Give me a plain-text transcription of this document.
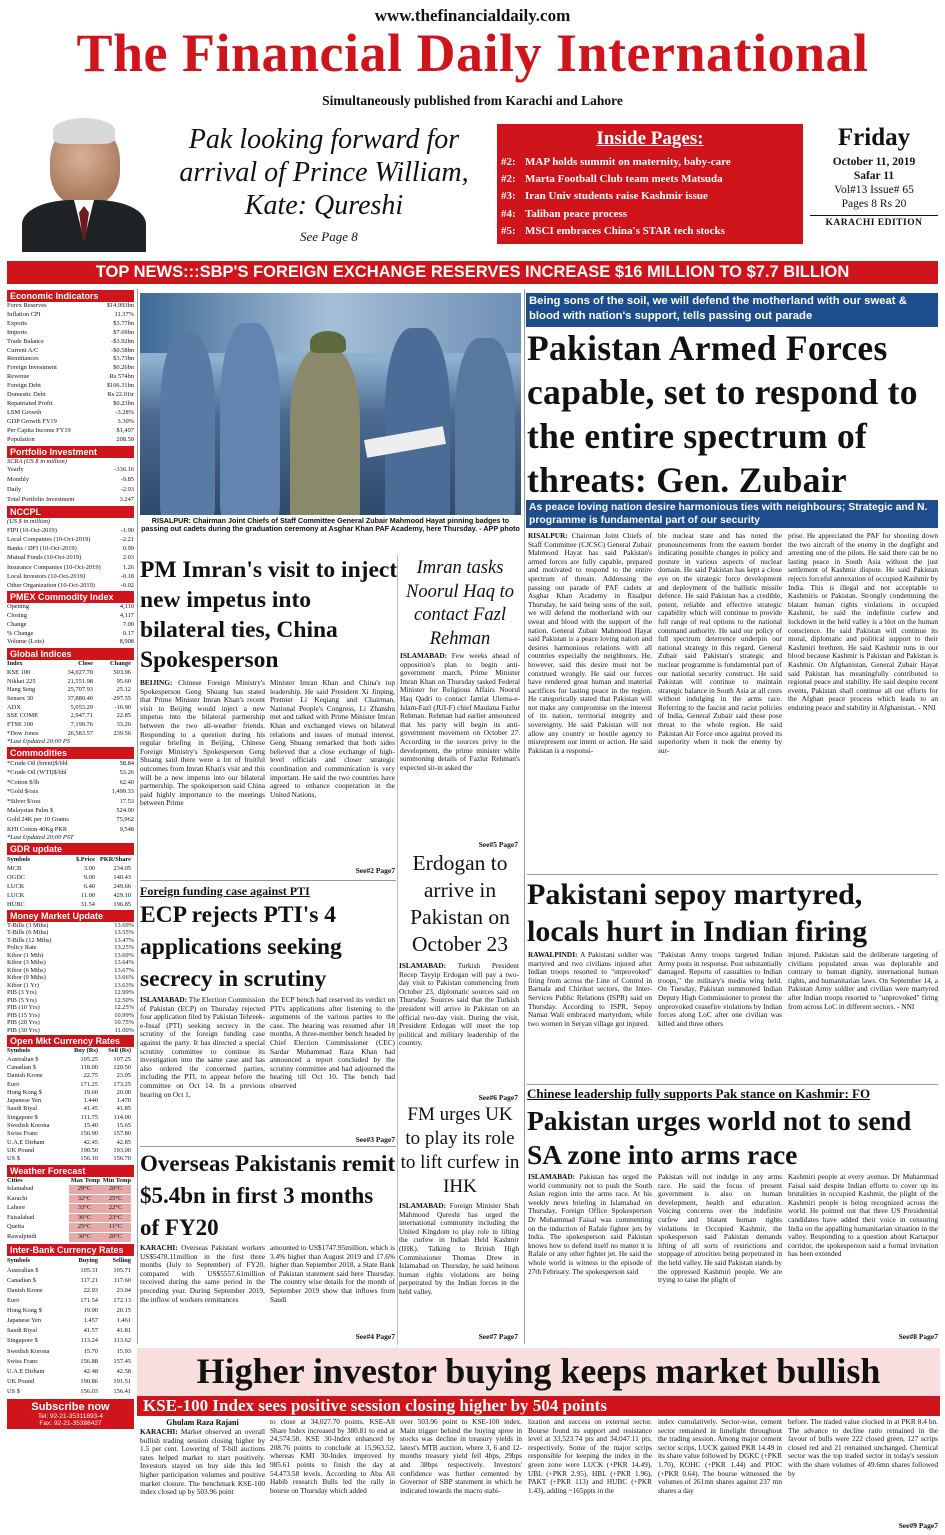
www.thefinancialdaily.com
The Financial Daily International
Simultaneously published from Karachi and Lahore
Pak looking forward for arrival of Prince William, Kate: Qureshi
See Page 8
Inside Pages:
#2: MAP holds summit on maternity, baby-care
#2: Marta Football Club team meets Matsuda
#3: Iran Univ students raise Kashmir issue
#4: Taliban peace process
#5: MSCI embraces China's STAR tech stocks
Friday
October 11, 2019
Safar 11
Vol#13 Issue# 65
Pages 8 Rs 20
KARACHI EDITION
TOP NEWS:::SBP'S FOREIGN EXCHANGE RESERVES INCREASE $16 MILLION TO $7.7 BILLION
Economic Indicators
Forex Reserves	$14.993bn
Inflation CPI	11.37%
Exports	$3.77bn
Imports	$7.69bn
Trade Balance	-$3.92bn
Current A/C	-$0.58bn
Remittances	$3.73bn
Foreign Investment	$0.26bn
Revenue	Rs 574bn
Foreign Debt	$106.31bn
Domestic Debt	Rs 22.01tr
Repatriated Profit	$0.23bn
LSM Growth	-3.28%
GDP Growth FY19	3.30%
Per Capita Income FY19	$1,497
Population	208.50
Portfolio Investment
SCRA (US $ in million)
Yearly	-336.16
Monthly	-9.85
Daily	-2.93
Total Portfolio Investment	3.247
NCCPL
(US $ in million)
FIPI (10-Oct-2019)	-1.90
Local Companies (10-Oct-2019)	-2.21
Banks / DFI (10-Oct-2019)	0.99
Mutual Funds (10-Oct-2019)	2.03
Insurance Companies (10-Oct-2019)	1.26
Local Investors (10-Oct-2019)	-0.18
Other Organization (10-Oct-2019)	-0.02
PMEX Commodity Index
Opening	4,110
Closing	4,117
Change	7.00
% Change	0.17
Volume (Lots)	8,908
Global Indices
Index	Close	Change
KSE 100	34,027.70	503.96
Nikkei 225	21,551.98	95.60
Hang Seng	25,707.93	25.12
Sensex 30	37,880.40	-297.55
ADX	5,053.29	-16.90
SSE COMP.	2,947.71	22.85
FTSE 100	7,199.76	33.26
*Dow Jones	26,583.57	239.56
*Last Updated 20:00 PS
Commodities
*Crude Oil (brent)$/bbl	58.84
*Crude Oil (WTI)$/bbl	53.26
*Cotton $/lb	62.40
*Gold $/ozs	1,499.33
*Silver $/ozs	17.53
Malaysian Palm $	524.00
Gold 24K per 10 Grams	75,962
KHI Cotton 40Kg PKR	9,548
*Last Updated 20:00 PST
GDR update
Symbols	$.Price PKR/Share
MCB	3.00	234.05
OGDC	9.00	140.43
LUCK	6.40	249.66
LUCK	11.00	429.10
HUBC	31.54	196.85
Money Market Update
T-Bills (3 Mths)	13.69%
T-Bills (6 Mths)	13.55%
T-Bills (12 Mths)	13.47%
Policy Rate	13.25%
Kibor (1 Mth)	13.69%
Kibor (3 Mths)	13.64%
Kibor (6 Mths)	13.67%
Kibor (9 Mths)	13.66%
Kibor (1 Yr)	13.63%
PIB (3 Yrs)	12.99%
PIB (5 Yrs)	12.50%
PIB (10 Yrs)	12.25%
PIB (15 Yrs)	10.99%
PIB (20 Yrs)	10.75%
PIB (30 Yrs)	11.00%
Open Mkt Currency Rates
Symbols	Buy (Rs)	Sell (Rs)
Australian $	105.25	107.25
Canadian $	118.00	120.50
Danish Krone	22.75	23.05
Euro	171.25	173.25
Hong Kong $	19.60	20.00
Japanese Yen	1.440	1.470
Saudi Riyal	41.45	41.85
Singapore $	111.75	114.00
Swedish Korona	15.40	15.65
Swiss Franc	156.90	157.80
U.A.E Dirham	42.45	42.85
UK Pound	190.50	193.00
US $	156.10	156.70
Weather Forecast
Cities	Max Temp Min Temp
Islamabad	29°C	20°C
Karachi	32°C	25°C
Lahore	33°C	22°C
Faisalabad	36°C	23°C
Quetta	25°C	11°C
Rawalpindi	30°C	20°C
Inter-Bank Currency Rates
Symbols	Buying	Selling
Australian $	105.31	105.71
Canadian $	117.21	117.60
Danish Krone	22.93	23.04
Euro	171.54	172.13
Hong Kong $	19.90	20.15
Japanese Yen	1.457	1.461
Saudi Riyal	41.57	41.81
Singapore $	113.24	113.62
Swedish Korona	15.70	15.93
Swiss Franc	156.88	157.45
U.A.E Dirham	42.48	42.58
UK Pound	190.86	191.51
US $	156.03	156.41
Subscribe now
Tel: 92-21-35311893-4
Fax: 92-21-35388427
RISALPUR: Chairman Joint Chiefs of Staff Committee General Zubair Mahmood Hayat pinning badges to passing out cadets during the graduation ceremony at Asghar Khan PAF Academy, here Thursday. - APP photo
Being sons of the soil, we will defend the motherland with our sweat & blood with nation's support, tells passing out parade
Pakistan Armed Forces capable, set to respond to the entire spectrum of threats: Gen. Zubair
As peace loving nation desire harmonious ties with neighbours; Strategic and N. programme is fundamental part of our security
RISALPUR: Chairman Joint Chiefs of Staff Committee (CJCSC) General Zubair Mahmood Hayat has said Pakistan's armed forces are fully capable, prepared and motivated to respond to the entire spectrum of threats. Addressing the passing out parade of PAF cadets at Asghar Khan Academy in Risalpur Thursday, he said being sons of the soil, we will defend the motherland with our sweat and blood with the support of the nation. General Zubair Mahmood Hayat said Pakistan is a peace loving nation and desires harmonious relations with all countries especially the neighbours. He, however, said this desire must not be construed wrongly. He said our forces have rendered great human and material sacrifices for lasting peace in the region. He categorically stated that Pakistan will not make any compromise on the interest of its nation, territorial integrity and sovereignty. He said Pakistan will not allow any country or hostile agency to misrepresent our intent or action. He said Pakistan is a responsi-
ble nuclear state and has noted the pronouncements from the eastern border indicating possible changes in policy and posture in various aspects of nuclear domain. He said Pakistan has kept a close eye on the strategic force development and deployment of the ballistic missile defence. He said Pakistan has a credible, potent, reliable and effective strategic capability which will continue to provide full range of real options to the national command authority. He said our policy of full spectrum deterrence underpin our national strategy in this regard. General Zubair said Pakistan's strategic and nuclear programme is fundamental part of our national security construct. He said Pakistan will continue to maintain strategic balance in South Asia at all costs without indulging in the arms race. Referring to the fascist and racist policies of India, General Zubair said these pose threat to the whole region. He said Pakistan Air Force once against proved its superiority when it took the enemy by sur-
prise. He appreciated the PAF for shooting down the two aircraft of the enemy in the dogfight and arresting one of the pilots. He said there can be no lasting peace in South Asia without the just settlement of Kashmir dispute. He said Pakistan rejects forceful annexation of occupied Kashmir by India. This is illegal and not acceptable to Kashmiris or Pakistan. Strongly condemning the blatant human rights violations in occupied Kashmir, he said the indefinite curfew and lockdown in the held valley is a blot on the human conscience. He said Pakistan will continue its moral, diplomatic and political support to their Kashmiri brethren. He said Kashmir runs in our blood because Kashmir is Pakistan and Pakistan is Kashmir. On Afghanistan, General Zubair Hayat said Pakistan has meaningfully contributed to regional peace and stability. He said despite recent events, Pakistan shall continue all out efforts for the Afghan peace process which leads to an enduring peace and stability in Afghanistan. - NNI
PM Imran's visit to inject new impetus into bilateral ties, China Spokesperson
BEIJING: Chinese Foreign Ministry's Spokesperson Geng Shuang has stated that Prime Minister Imran Khan's recent visit to Beijing would inject a new impetus into the bilateral partnership between the two all-weather friends. Responding to a question during his regular briefing in Beijing, Chinese Foreign Ministry's Spokesperson Geng Shuang said there were a lot of fruitful outcomes from Imran Khan's visit and this will be a new impetus into our bilateral partnership. The spokesperson said China paid highly importance to the meetings between Prime
Minister Imran Khan and China's top leadership. He said President Xi Jinping, Premier Li Keqiang and Chairman, National People's Congress, Li Zhanshu met and talked with Prime Minister Imran Khan and exchanged views on bilateral relations and issues of mutual interest. Geng Shuang remarked that both sides believed that a close exchange of high-level officials and closer strategic coordination and communication is very important. He said the two countries have agreed to enhance cooperation in the United Nations,
See#2 Page7
Imran tasks Noorul Haq to contact Fazl Rehman
ISLAMABAD: Few weeks ahead of opposition's plan to begin anti-government march, Prime Minister Imran Khan on Thursday tasked Federal Minister for Religious Affairs Noorul Haq Qadri to contact Jamiat Ulema-e-Islam-Fazl (JUI-F) chief Maulana Fazlur Rehman. Rehman had earlier announced that his party will begin its anti-government movement on October 27. According to the sources privy to the development, the prime minister while summoning details of Fazlur Rehman's expected sit-in asked the
See#5 Page7
Erdogan to arrive in Pakistan on October 23
ISLAMABAD: Turkish President Recep Tayyip Erdogan will pay a two-day visit to Pakistan commencing from October 23, diplomatic sources said on Thursday. Sources said that the Turkish president will arrive in Pakistan on an official two-day visit. During the visit, President Erdogan will meet the top political and military leadership of the country.
See#6 Page7
FM urges UK to play its role to lift curfew in IHK
ISLAMABAD: Foreign Minister Shah Mahmood Qureshi has urged the international community including the United Kingdom to play role in lifting the curfew in Indian Held Kashmir (IHK). Talking to British High Commissioner Thomas Drew in Islamabad on Thursday, he said heinous human rights violations are being perpetrated by the Indian forces in the held valley.
See#7 Page7
Foreign funding case against PTI
ECP rejects PTI's 4 applications seeking secrecy in scrutiny
ISLAMABAD: The Election Commission of Pakistan (ECP) on Thursday rejected four application filed by Pakistan Tehreek-e-Insaf (PTI) seeking secrecy in the scrutiny of the foreign funding case against the party. It has directed a special scrutiny committee to continue its investigation into the same case and has also ordered the concerned parties, including the PTI, to appear before the committee on Oct 14. In a previous hearing on Oct 1,
the ECP bench had reserved its verdict on PTI's applications after listening to the arguments of the various parties to the case. The hearing was resumed after 18 months. A three-member bench headed by Chief Election Commissioner (CEC) Sardar Muhammad Raza Khan had announced a report concluded by the scrutiny committee and had adjourned the hearing till Oct 10. The bench had observed
See#3 Page7
Overseas Pakistanis remit $5.4bn in first 3 months of FY20
KARACHI: Overseas Pakistani workers US$5478.11million in the first three months (July to September) of FY20, compared with US$5557.61million received during the same period in the preceding year. During September 2019, the inflow of workers remittances
amounted to US$1747.95million, which is 3.4% higher than August 2019 and 17.6% higher than September 2018, a State Bank of Pakistan statement said here Thursday. The country wise details for the month of September 2019 show that inflows from Saudi
See#4 Page7
Pakistani sepoy martyred, locals hurt in Indian firing
RAWALPINDI: A Pakistani soldier was martyred and two civilians injured after Indian troops resorted to "unprovoked" firing from across the Line of Control in Barnala and Chirikot sectors, the Inter-Services Public Relations (ISPR) said on Thursday. According to ISPR, Sepoy Namat Wali embraced martyrdom, while two women in Seryan village got injured.
"Pakistan Army troops targeted Indian Army posts in response. Post substantially damaged. Reports of casualties to Indian troops," the military's media wing held. On Tuesday, Pakistan summoned Indian Deputy High Commissioner to protest the unprovoked ceasefire violations by Indian forces along LoC after one civilian was killed and three others
injured. Pakistan said the deliberate targeting of civilians populated areas was deplorable and contrary to human dignity, international human rights, and humanitarian laws. On September 14, a Pakistan Army soldier and civilian were martyred after Indian troops resorted to "unprovoked" firing from across LoC in different sectors. - NNI
Chinese leadership fully supports Pak stance on Kashmir: FO
Pakistan urges world not to send SA zone into arms race
ISLAMABAD: Pakistan has urged the world community not to push the South Asian region into the arms race. At his weekly news briefing in Islamabad on Thursday, Foreign Office Spokesperson Dr Muhammad Faisal was commenting on the induction of Rafale fighter jets by India. The spokesperson said Pakistan knows how to defend itself no matter it is Rafale or any other fighter jet. He said the whole world is witness to the episode of 27th February. The spokesperson said
Pakistan will not indulge in any arms race. He said the focus of present government is also on human development, health and education. Voicing concerns over the indefinite curfew and blatant human rights violations in Occupied Kashmir, the spokesperson said Pakistan demands lifting of all sorts of restrictions and stoppage of atrocities being perpetrated in the held valley. He said Pakistan stands by the oppressed Kashmiri people. We are trying to raise the plight of
Kashmiri people at every avenue. Dr Muhammad Faisal said despite Indian efforts to cover up its brutalities in occupied Kashmir, the plight of the Kashmiri people is being recognized across the world. He pointed out that three US Presidential candidates have added their voice in censuring India on the appalling humanitarian situation in the valley. Responding to a question about Kartarpur corridor, the spokesperson said a formal invitation has been extended
See#8 Page7
Higher investor buying keeps market bullish
KSE-100 Index sees positive session closing higher by 504 points
Ghulam Raza Rajani
KARACHI: Market observed an overall bullish trading session closing higher by 1.5 per cent. Lowering of T-bill auctions rates helped market to start positively. Investors stayed on buy side this led higher participation volumes and positive market closure. The benchmark KSE-100 index closed up by 503.96 point
to close at 34,027.70 points. KSE-All Share Index increased by 380.81 to end at 24,574.58. KSE 30-Index enhanced by 208.76 points to conclude at 15,963.52, whereas KMI 30-Index improved by 985.61 points to finish the day at 54,473.58 levels. According to Aba Ali Habib research Bulls led the rally in bourse on Thursday which added
over 503.96 point to KSE-100 index. Main trigger behind the buying spree in stocks was decline in treasury yields in latest's MTB auction, where 3, 6 and 12-months treasury yield fell 4bps, 29bps and 38bps respectively. Investors' confidence was further cemented by Governor of SBP statement in which he indicated towards the macro stabi-
lization and success on external sector. Bourse found its support and resistance level at 33,523.74 pts and 34,047.11 pts, respectively. Some of the major scrips responsible for keeping the index in the green zone were LUCK (+PKR 14.49), UBL (+PKR 2.95), HBL (+PKR 1.96), PAKT (+PKR 113) and HUBC (+PKR 1.43), adding ~165ppts in the
index cumulatively. Sector-wise, cement sector remained in limelight throughout the trading session. Among major cement sector scrips, LUCK gained PKR 14.49 in its share value followed by DGKC (+PKR 1.70), KOHC (+PKR 1.44) and PIOC (+PKR 0.64). The bourse witnessed the volumes of 261mn shares against 237 mn shares a day
before. The traded value clocked in at PKR 8.4 bn. The advance to decline ratio remained in the favour of bulls were 222 closed green, 127 scrips closed red and 21 remained unchanged. Chemical sector was the top traded sector in today's session with the share volumes of 49.6mn shares followed by
See#9 Page7
